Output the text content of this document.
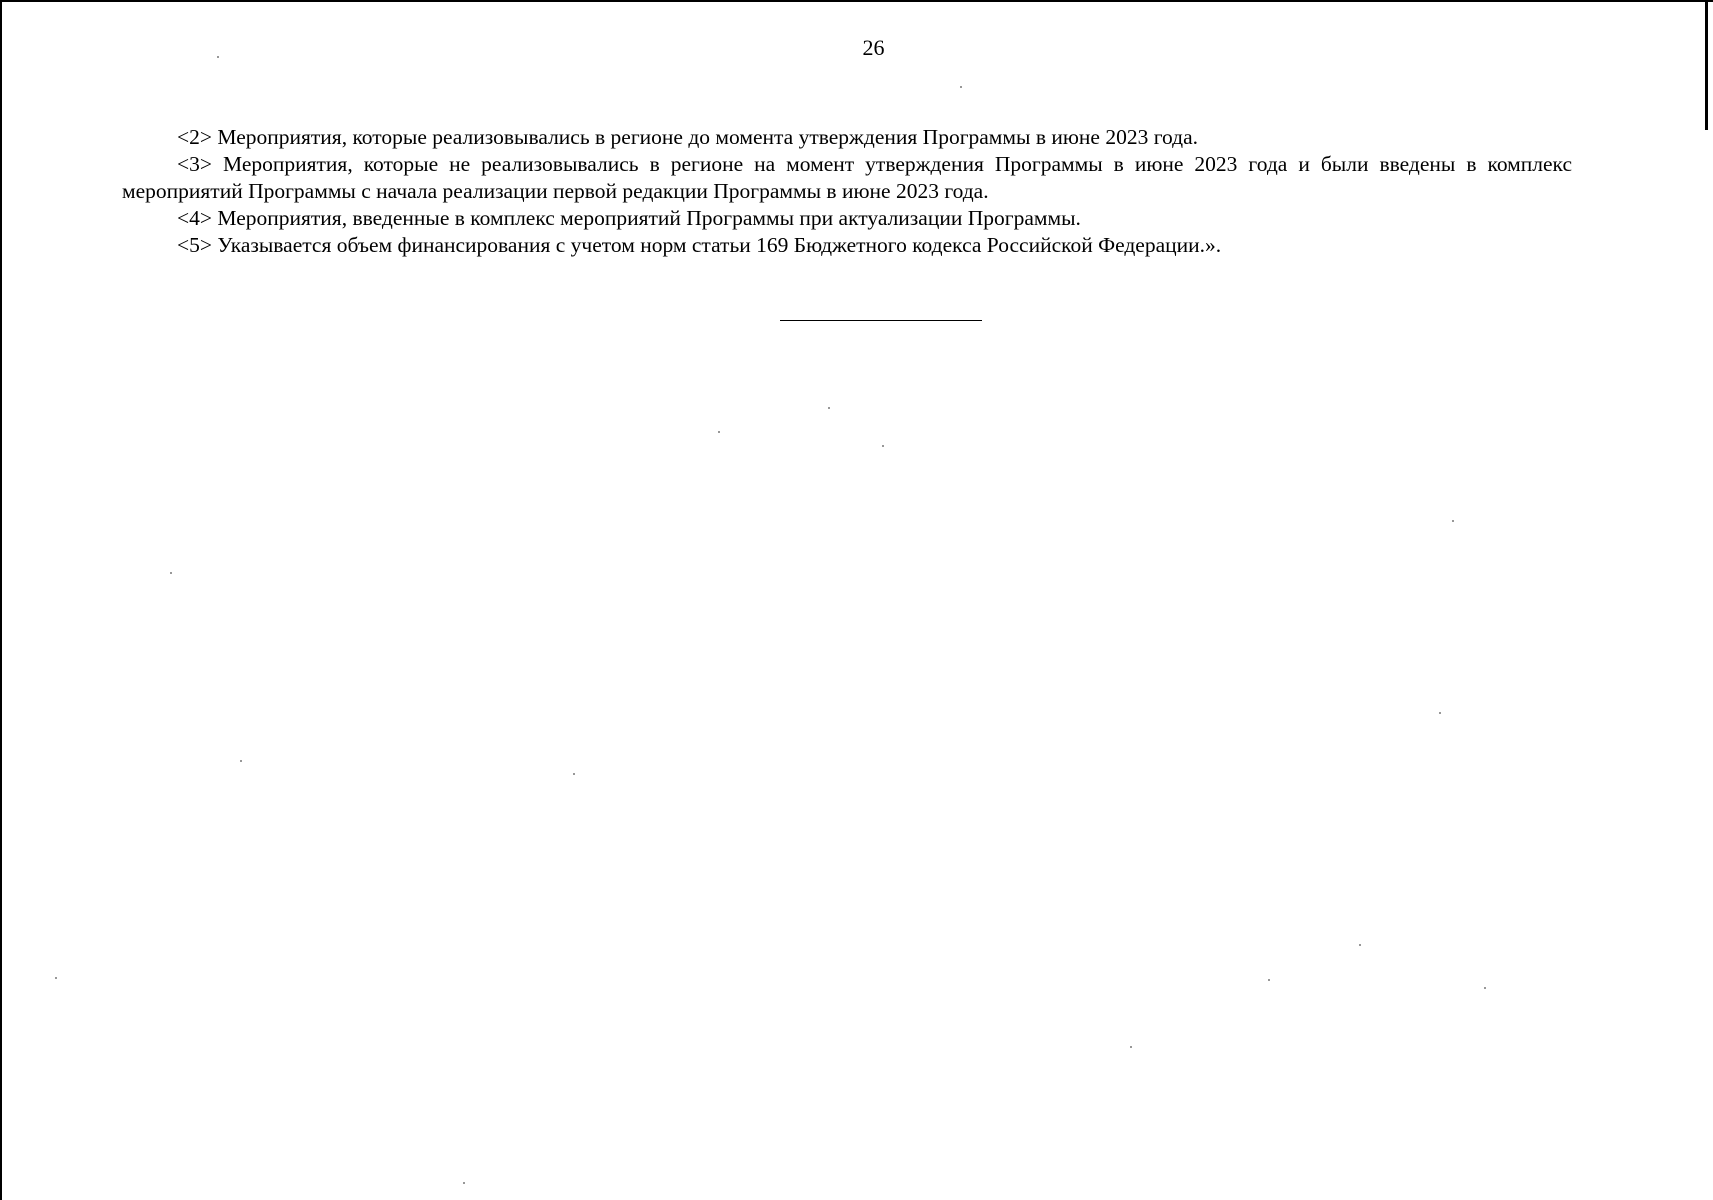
26

<2> Мероприятия, которые реализовывались в регионе до момента утверждения Программы в июне 2023 года.

<3> Мероприятия, которые не реализовывались в регионе на момент утверждения Программы в июне 2023 года и были введены в комплекс мероприятий Программы с начала реализации первой редакции Программы в июне 2023 года.

<4> Мероприятия, введенные в комплекс мероприятий Программы при актуализации Программы.

<5> Указывается объем финансирования с учетом норм статьи 169 Бюджетного кодекса Российской Федерации.».
